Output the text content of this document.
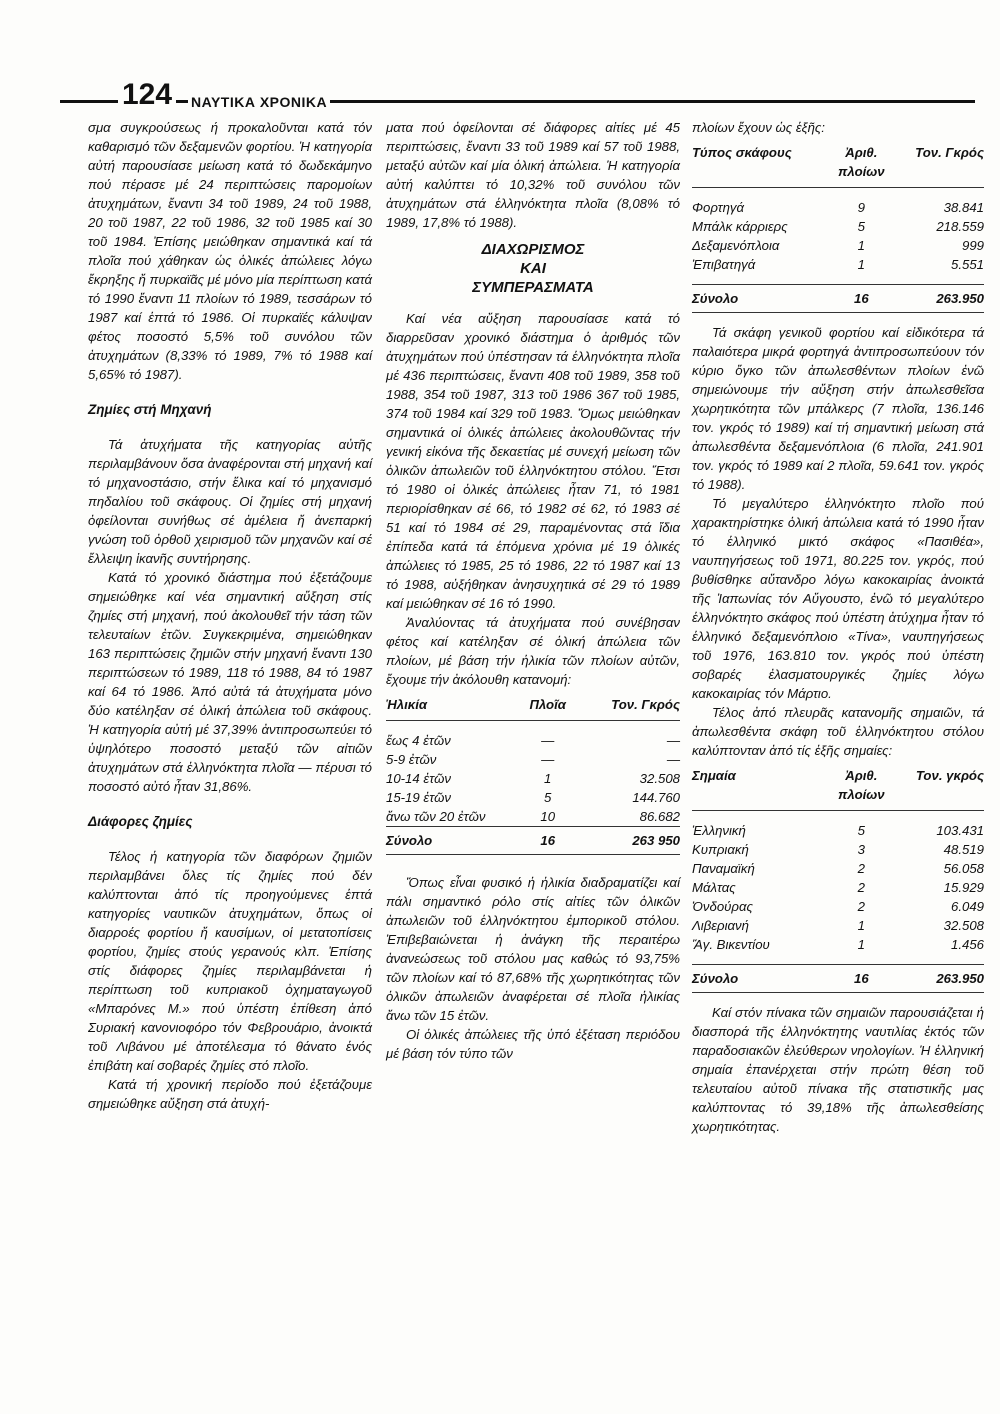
124 ΝΑΥΤΙΚΑ ΧΡΟΝΙΚΑ

σμα συγκρούσεως ή προκαλοῦνται κατά τόν καθαρισμό τῶν δεξαμενῶν φορτίου. Ἡ κατηγορία αὐτή παρουσίασε μείωση κατά τό δωδεκάμηνο πού πέρασε μέ 24 περιπτώσεις παρομοίων ἀτυχημάτων, ἔναντι 34 τοῦ 1989, 24 τοῦ 1988, 20 τοῦ 1987, 22 τοῦ 1986, 32 τοῦ 1985 καί 30 τοῦ 1984. Ἐπίσης μειώθηκαν σημαντικά καί τά πλοῖα πού χάθηκαν ὡς ὁλικές ἀπώλειες λόγω ἔκρηξης ἤ πυρκαϊᾶς μέ μόνο μία περίπτωση κατά τό 1990 ἔναντι 11 πλοίων τό 1989, τεσσάρων τό 1987 καί ἑπτά τό 1986. Οἱ πυρκαϊές κάλυψαν φέτος ποσοστό 5,5% τοῦ συνόλου τῶν ἀτυχημάτων (8,33% τό 1989, 7% τό 1988 καί 5,65% τό 1987).

Ζημίες στή Μηχανή

Τά ἀτυχήματα τῆς κατηγορίας αὐτῆς περιλαμβάνουν ὅσα ἀναφέρονται στή μηχανή καί τό μηχανοστάσιο, στήν ἕλικα καί τό μηχανισμό πηδαλίου τοῦ σκάφους. Οἱ ζημίες στή μηχανή ὀφείλονται συνήθως σέ ἀμέλεια ἤ ἀνεπαρκή γνώση τοῦ ὀρθοῦ χειρισμοῦ τῶν μηχανῶν καί σέ ἔλλειψη ἱκανῆς συντήρησης.

Κατά τό χρονικό διάστημα πού ἐξετάζουμε σημειώθηκε καί νέα σημαντική αὔξηση στίς ζημίες στή μηχανή, πού ἀκολουθεῖ τήν τάση τῶν τελευταίων ἐτῶν. Συγκεκριμένα, σημειώθηκαν 163 περιπτώσεις ζημιῶν στήν μηχανή ἔναντι 130 περιπτώσεων τό 1989, 118 τό 1988, 84 τό 1987 καί 64 τό 1986. Ἀπό αὐτά τά ἀτυχήματα μόνο δύο κατέληξαν σέ ὁλική ἀπώλεια τοῦ σκάφους. Ἡ κατηγορία αὐτή μέ 37,39% ἀντιπροσωπεύει τό ὑψηλότερο ποσοστό μεταξύ τῶν αἰτιῶν ἀτυχημάτων στά ἑλληνόκτητα πλοῖα — πέρυσι τό ποσοστό αὐτό ἦταν 31,86%.

Διάφορες ζημίες

Τέλος ἡ κατηγορία τῶν διαφόρων ζημιῶν περιλαμβάνει ὅλες τίς ζημίες πού δέν καλύπτονται ἀπό τίς προηγούμενες ἑπτά κατηγορίες ναυτικῶν ἀτυχημάτων, ὅπως οἱ διαρροές φορτίου ἤ καυσίμων, οἱ μετατοπίσεις φορτίου, ζημίες στούς γερανούς κλπ. Ἐπίσης στίς διάφορες ζημίες περιλαμβάνεται ἡ περίπτωση τοῦ κυπριακοῦ ὀχηματαγωγοῦ «Μπαρόνες Μ.» πού ὑπέστη ἐπίθεση ἀπό Συριακή κανονιοφόρο τόν Φεβρουάριο, ἀνοικτά τοῦ Λιβάνου μέ ἀποτέλεσμα τό θάνατο ἑνός ἐπιβάτη καί σοβαρές ζημίες στό πλοῖο.

Κατά τή χρονική περίοδο πού ἐξετάζουμε σημειώθηκε αὔξηση στά ἀτυχή-

ματα πού ὀφείλονται σέ διάφορες αἰτίες μέ 45 περιπτώσεις, ἔναντι 33 τοῦ 1989 καί 57 τοῦ 1988, μεταξύ αὐτῶν καί μία ὁλική ἀπώλεια. Ἡ κατηγορία αὐτή καλύπτει τό 10,32% τοῦ συνόλου τῶν ἀτυχημάτων στά ἑλληνόκτητα πλοῖα (8,08% τό 1989, 17,8% τό 1988).

ΔΙΑΧΩΡΙΣΜΟΣ
ΚΑΙ
ΣΥΜΠΕΡΑΣΜΑΤΑ

Καί νέα αὔξηση παρουσίασε κατά τό διαρρεῦσαν χρονικό διάστημα ὁ ἀριθμός τῶν ἀτυχημάτων πού ὑπέστησαν τά ἑλληνόκτητα πλοῖα μέ 436 περιπτώσεις, ἔναντι 408 τοῦ 1989, 358 τοῦ 1988, 354 τοῦ 1987, 313 τοῦ 1986 367 τοῦ 1985, 374 τοῦ 1984 καί 329 τοῦ 1983. Ὅμως μειώθηκαν σημαντικά οἱ ὁλικές ἀπώλειες ἀκολουθῶντας τήν γενική εἰκόνα τῆς δεκαετίας μέ συνεχή μείωση τῶν ὁλικῶν ἀπωλειῶν τοῦ ἑλληνόκτητου στόλου. Ἔτσι τό 1980 οἱ ὁλικές ἀπώλειες ἦταν 71, τό 1981 περιορίσθηκαν σέ 66, τό 1982 σέ 62, τό 1983 σέ 51 καί τό 1984 σέ 29, παραμένοντας στά ἴδια ἐπίπεδα κατά τά ἑπόμενα χρόνια μέ 19 ὁλικές ἀπώλειες τό 1985, 25 τό 1986, 22 τό 1987 καί 13 τό 1988, αὐξήθηκαν ἀνησυχητικά σέ 29 τό 1989 καί μειώθηκαν σέ 16 τό 1990.

Ἀναλύοντας τά ἀτυχήματα πού συνέβησαν φέτος καί κατέληξαν σέ ὁλική ἀπώλεια τῶν πλοίων, μέ βάση τήν ἡλικία τῶν πλοίων αὐτῶν, ἔχουμε τήν ἀκόλουθη κατανομή:

Ἡλικία	Πλοῖα	Τον. Γκρός

ἕως 4 ἐτῶν	—	—
5-9 ἐτῶν	—	—
10-14 ἐτῶν	1	32.508
15-19 ἐτῶν	5	144.760
ἄνω τῶν 20 ἐτῶν	10	86.682
Σύνολο	16	263 950

Ὅπως εἶναι φυσικό ἡ ἡλικία διαδραματίζει καί πάλι σημαντικό ρόλο στίς αἰτίες τῶν ὁλικῶν ἀπωλειῶν τοῦ ἑλληνόκτητου ἐμπορικοῦ στόλου. Ἐπιβεβαιώνεται ἡ ἀνάγκη τῆς περαιτέρω ἀνανεώσεως τοῦ στόλου μας καθώς τό 93,75% τῶν πλοίων καί τό 87,68% τῆς χωρητικότητας τῶν ὁλικῶν ἀπωλειῶν ἀναφέρεται σέ πλοῖα ἡλικίας ἄνω τῶν 15 ἐτῶν.

Οἱ ὁλικές ἀπώλειες τῆς ὑπό ἐξέταση περιόδου μέ βάση τόν τύπο τῶν

πλοίων ἔχουν ὡς ἑξῆς:

Τύπος σκάφους	Ἀριθ. πλοίων	Τον. Γκρός

Φορτηγά	9	38.841
Μπάλκ κάρριερς	5	218.559
Δεξαμενόπλοια	1	999
Ἐπιβατηγά	1	5.551

Σύνολο	16	263.950

Τά σκάφη γενικοῦ φορτίου καί εἰδικότερα τά παλαιότερα μικρά φορτηγά ἀντιπροσωπεύουν τόν κύριο ὄγκο τῶν ἀπωλεσθέντων πλοίων ἐνῶ σημειώνουμε τήν αὔξηση στήν ἀπωλεσθεῖσα χωρητικότητα τῶν μπάλκερς (7 πλοῖα, 136.146 τον. γκρός τό 1989) καί τή σημαντική μείωση στά ἀπωλεσθέντα δεξαμενόπλοια (6 πλοῖα, 241.901 τον. γκρός τό 1989 καί 2 πλοῖα, 59.641 τον. γκρός τό 1988).

Τό μεγαλύτερο ἑλληνόκτητο πλοῖο πού χαρακτηρίστηκε ὁλική ἀπώλεια κατά τό 1990 ἦταν τό ἑλληνικό μικτό σκάφος «Πασιθέα», ναυπηγήσεως τοῦ 1971, 80.225 τον. γκρός, πού βυθίσθηκε αὔτανδρο λόγω κακοκαιρίας ἀνοικτά τῆς Ἰαπωνίας τόν Αὔγουστο, ἐνῶ τό μεγαλύτερο ἑλληνόκτητο σκάφος πού ὑπέστη ἀτύχημα ἦταν τό ἑλληνικό δεξαμενόπλοιο «Τίνα», ναυπηγήσεως τοῦ 1976, 163.810 τον. γκρός πού ὑπέστη σοβαρές ἐλασματουργικές ζημίες λόγω κακοκαιρίας τόν Μάρτιο.

Τέλος ἀπό πλευρᾶς κατανομῆς σημαιῶν, τά ἀπωλεσθέντα σκάφη τοῦ ἑλληνόκτητου στόλου καλύπτονταν ἀπό τίς ἑξῆς σημαίες:

Σημαία	Ἀριθ. πλοίων	Τον. γκρός

Ἑλληνική	5	103.431
Κυπριακή	3	48.519
Παναμαϊκή	2	56.058
Μάλτας	2	15.929
Ὁνδούρας	2	6.049
Λιβεριανή	1	32.508
Ἅγ. Βικεντίου	1	1.456

Σύνολο	16	263.950

Καί στόν πίνακα τῶν σημαιῶν παρουσιάζεται ἡ διασπορά τῆς ἑλληνόκτητης ναυτιλίας ἐκτός τῶν παραδοσιακῶν ἐλεύθερων νηολογίων. Ἡ ἑλληνική σημαία ἐπανέρχεται στήν πρώτη θέση τοῦ τελευταίου αὐτοῦ πίνακα τῆς στατιστικῆς μας καλύπτοντας τό 39,18% τῆς ἀπωλεσθείσης χωρητικότητας.
